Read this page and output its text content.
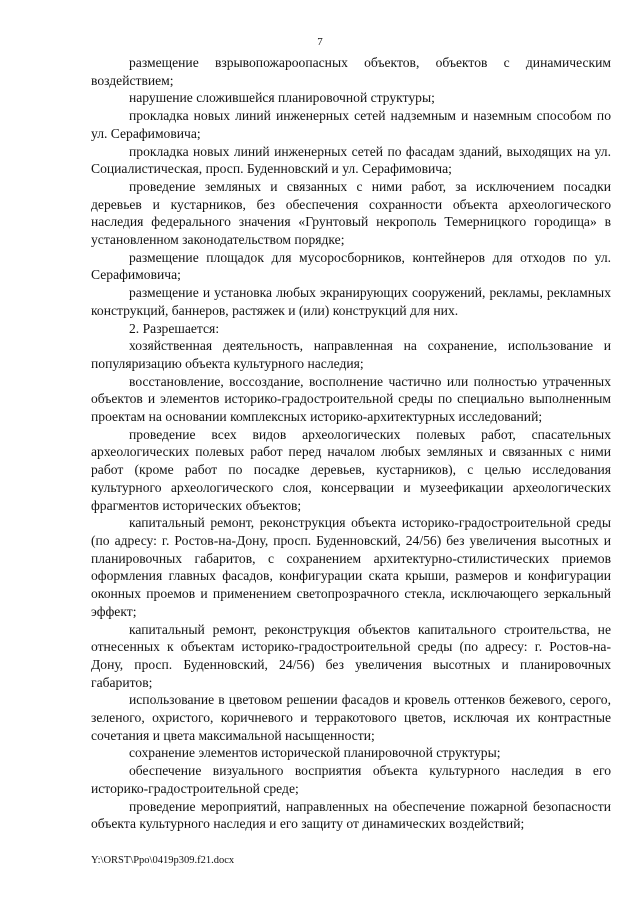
7

размещение взрывопожароопасных объектов, объектов с динамическим воздействием;

нарушение сложившейся планировочной структуры;

прокладка новых линий инженерных сетей надземным и наземным способом по ул. Серафимовича;

прокладка новых линий инженерных сетей по фасадам зданий, выходящих на ул. Социалистическая, просп. Буденновский и ул. Серафимовича;

проведение земляных и связанных с ними работ, за исключением посадки деревьев и кустарников, без обеспечения сохранности объекта археологического наследия федерального значения «Грунтовый некрополь Темерницкого городища» в установленном законодательством порядке;

размещение площадок для мусоросборников, контейнеров для отходов по ул. Серафимовича;

размещение и установка любых экранирующих сооружений, рекламы, рекламных конструкций, баннеров, растяжек и (или) конструкций для них.

2. Разрешается:

хозяйственная деятельность, направленная на сохранение, использование и популяризацию объекта культурного наследия;

восстановление, воссоздание, восполнение частично или полностью утраченных объектов и элементов историко-градостроительной среды по специально выполненным проектам на основании комплексных историко-архитектурных исследований;

проведение всех видов археологических полевых работ, спасательных археологических полевых работ перед началом любых земляных и связанных с ними работ (кроме работ по посадке деревьев, кустарников), с целью исследования культурного археологического слоя, консервации и музеефикации археологических фрагментов исторических объектов;

капитальный ремонт, реконструкция объекта историко-градостроительной среды (по адресу: г. Ростов-на-Дону, просп. Буденновский, 24/56) без увеличения высотных и планировочных габаритов, с сохранением архитектурно-стилистических приемов оформления главных фасадов, конфигурации ската крыши, размеров и конфигурации оконных проемов и применением светопрозрачного стекла, исключающего зеркальный эффект;

капитальный ремонт, реконструкция объектов капитального строительства, не отнесенных к объектам историко-градостроительной среды (по адресу: г. Ростов-на-Дону, просп. Буденновский, 24/56) без увеличения высотных и планировочных габаритов;

использование в цветовом решении фасадов и кровель оттенков бежевого, серого, зеленого, охристого, коричневого и терракотового цветов, исключая их контрастные сочетания и цвета максимальной насыщенности;

сохранение элементов исторической планировочной структуры;

обеспечение визуального восприятия объекта культурного наследия в его историко-градостроительной среде;

проведение мероприятий, направленных на обеспечение пожарной безопасности объекта культурного наследия и его защиту от динамических воздействий;

Y:\ORST\Ppo\0419p309.f21.docx
